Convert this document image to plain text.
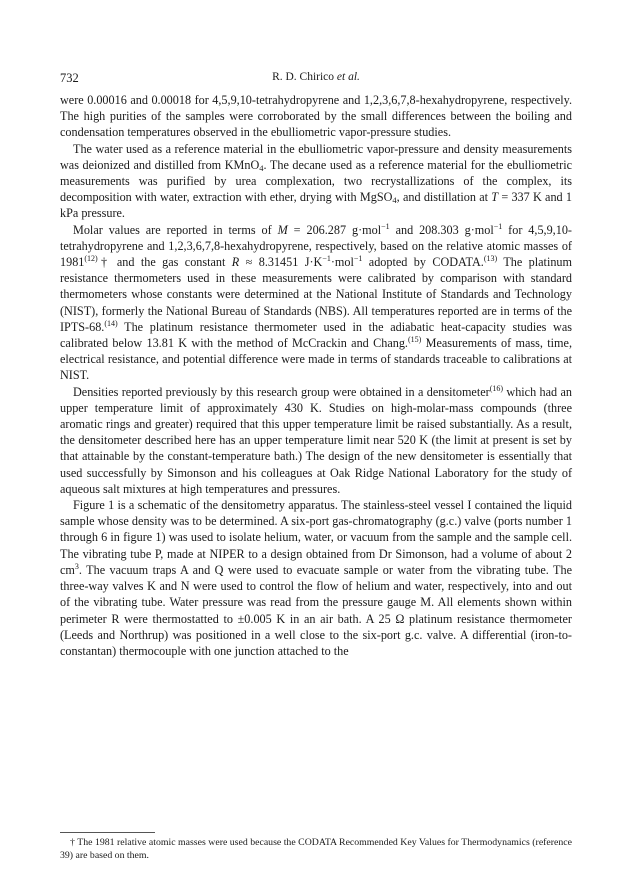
732	R. D. Chirico et al.

were 0.00016 and 0.00018 for 4,5,9,10-tetrahydropyrene and 1,2,3,6,7,8-hexahydropyrene, respectively. The high purities of the samples were corroborated by the small differences between the boiling and condensation temperatures observed in the ebulliometric vapor-pressure studies.

The water used as a reference material in the ebulliometric vapor-pressure and density measurements was deionized and distilled from KMnO$_4$. The decane used as a reference material for the ebulliometric measurements was purified by urea complexation, two recrystallizations of the complex, its decomposition with water, extraction with ether, drying with MgSO$_4$, and distillation at T = 337 K and 1 kPa pressure.

Molar values are reported in terms of M = 206.287 g·mol$^{-1}$ and 208.303 g·mol$^{-1}$ for 4,5,9,10-tetrahydropyrene and 1,2,3,6,7,8-hexahydropyrene, respectively, based on the relative atomic masses of 1981$^{(12)}$† and the gas constant R ≈ 8.31451 $J\cdot K^{-1}\cdot mol^{-1}$ adopted by CODATA.$^{(13)}$ The platinum resistance thermometers used in these measurements were calibrated by comparison with standard thermometers whose constants were determined at the National Institute of Standards and Technology (NIST), formerly the National Bureau of Standards (NBS). All temperatures reported are in terms of the IPTS-68.$^{(14)}$ The platinum resistance thermometer used in the adiabatic heat-capacity studies was calibrated below 13.81 K with the method of McCrackin and Chang.$^{(15)}$ Measurements of mass, time, electrical resistance, and potential difference were made in terms of standards traceable to calibrations at NIST.

Densities reported previously by this research group were obtained in a densitometer$^{(16)}$ which had an upper temperature limit of approximately 430 K. Studies on high-molar-mass compounds (three aromatic rings and greater) required that this upper temperature limit be raised substantially. As a result, the densitometer described here has an upper temperature limit near 520 K (the limit at present is set by that attainable by the constant-temperature bath.) The design of the new densitometer is essentially that used successfully by Simonson and his colleagues at Oak Ridge National Laboratory for the study of aqueous salt mixtures at high temperatures and pressures.

Figure 1 is a schematic of the densitometry apparatus. The stainless-steel vessel I contained the liquid sample whose density was to be determined. A six-port gas-chromatography (g.c.) valve (ports number 1 through 6 in figure 1) was used to isolate helium, water, or vacuum from the sample and the sample cell. The vibrating tube P, made at NIPER to a design obtained from Dr Simonson, had a volume of about 2 $cm^3$. The vacuum traps A and Q were used to evacuate sample or water from the vibrating tube. The three-way valves K and N were used to control the flow of helium and water, respectively, into and out of the vibrating tube. Water pressure was read from the pressure gauge M. All elements shown within perimeter R were thermostatted to ±0.005 K in an air bath. A 25 Ω platinum resistance thermometer (Leeds and Northrup) was positioned in a well close to the six-port g.c. valve. A differential (iron-to-constantan) thermocouple with one junction attached to the

† The 1981 relative atomic masses were used because the CODATA Recommended Key Values for Thermodynamics (reference 39) are based on them.
